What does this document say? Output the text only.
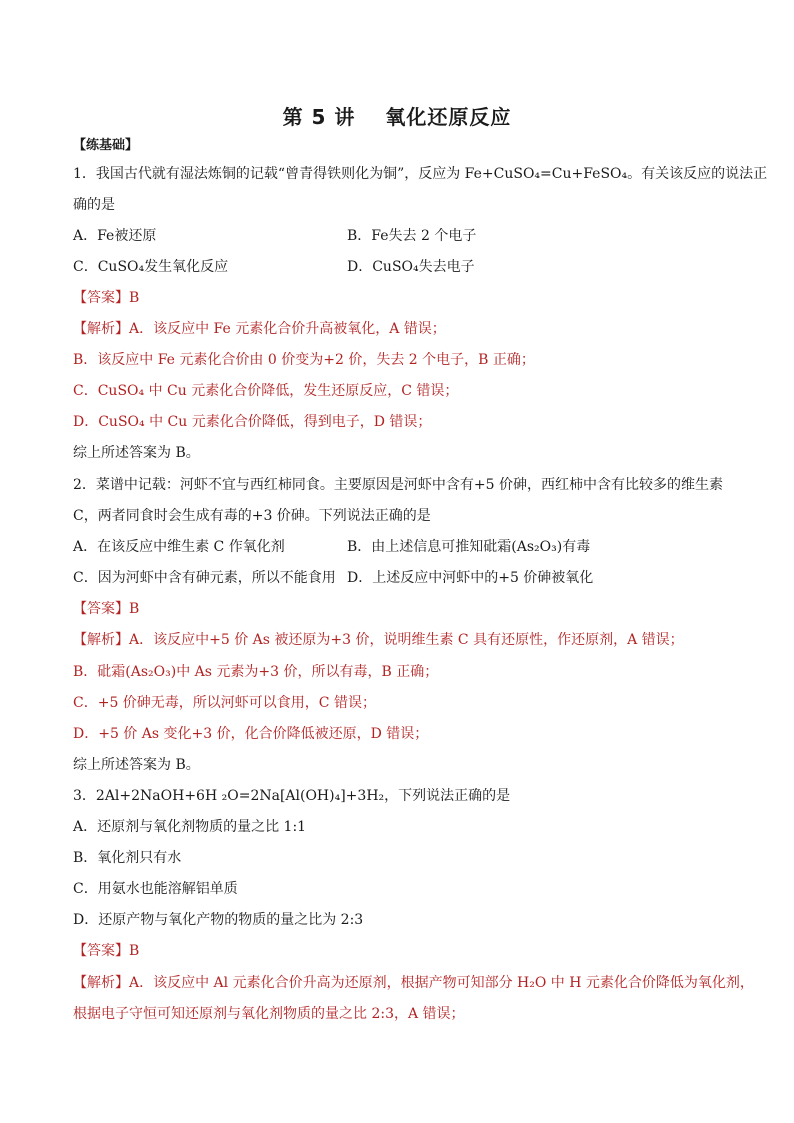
第 5 讲 氧化还原反应
【练基础】
1．我国古代就有湿法炼铜的记载“曾青得铁则化为铜”，反应为 Fe+CuSO₄=Cu+FeSO₄。有关该反应的说法正
确的是
A．Fe被还原	B．Fe失去 2 个电子
C．CuSO₄发生氧化反应	D．CuSO₄失去电子
【答案】B
【解析】A．该反应中 Fe 元素化合价升高被氧化，A 错误；
B．该反应中 Fe 元素化合价由 0 价变为+2 价，失去 2 个电子，B 正确；
C．CuSO₄ 中 Cu 元素化合价降低，发生还原反应，C 错误；
D．CuSO₄ 中 Cu 元素化合价降低，得到电子，D 错误；
综上所述答案为 B。
2．菜谱中记载：河虾不宜与西红柿同食。主要原因是河虾中含有+5 价砷，西红柿中含有比较多的维生素
C，两者同食时会生成有毒的+3 价砷。下列说法正确的是
A．在该反应中维生素 C 作氧化剂	B．由上述信息可推知砒霜(As₂O₃)有毒
C．因为河虾中含有砷元素，所以不能食用 D．上述反应中河虾中的+5 价砷被氧化
【答案】B
【解析】A．该反应中+5 价 As 被还原为+3 价，说明维生素 C 具有还原性，作还原剂，A 错误；
B．砒霜(As₂O₃)中 As 元素为+3 价，所以有毒，B 正确；
C．+5 价砷无毒，所以河虾可以食用，C 错误；
D．+5 价 As 变化+3 价，化合价降低被还原，D 错误；
综上所述答案为 B。
3．2Al+2NaOH+6H ₂O=2Na[Al(OH)₄]+3H₂，下列说法正确的是
A．还原剂与氧化剂物质的量之比 1:1
B．氧化剂只有水
C．用氨水也能溶解铝单质
D．还原产物与氧化产物的物质的量之比为 2:3
【答案】B
【解析】A．该反应中 Al 元素化合价升高为还原剂，根据产物可知部分 H₂O 中 H 元素化合价降低为氧化剂，
根据电子守恒可知还原剂与氧化剂物质的量之比 2:3，A 错误；
